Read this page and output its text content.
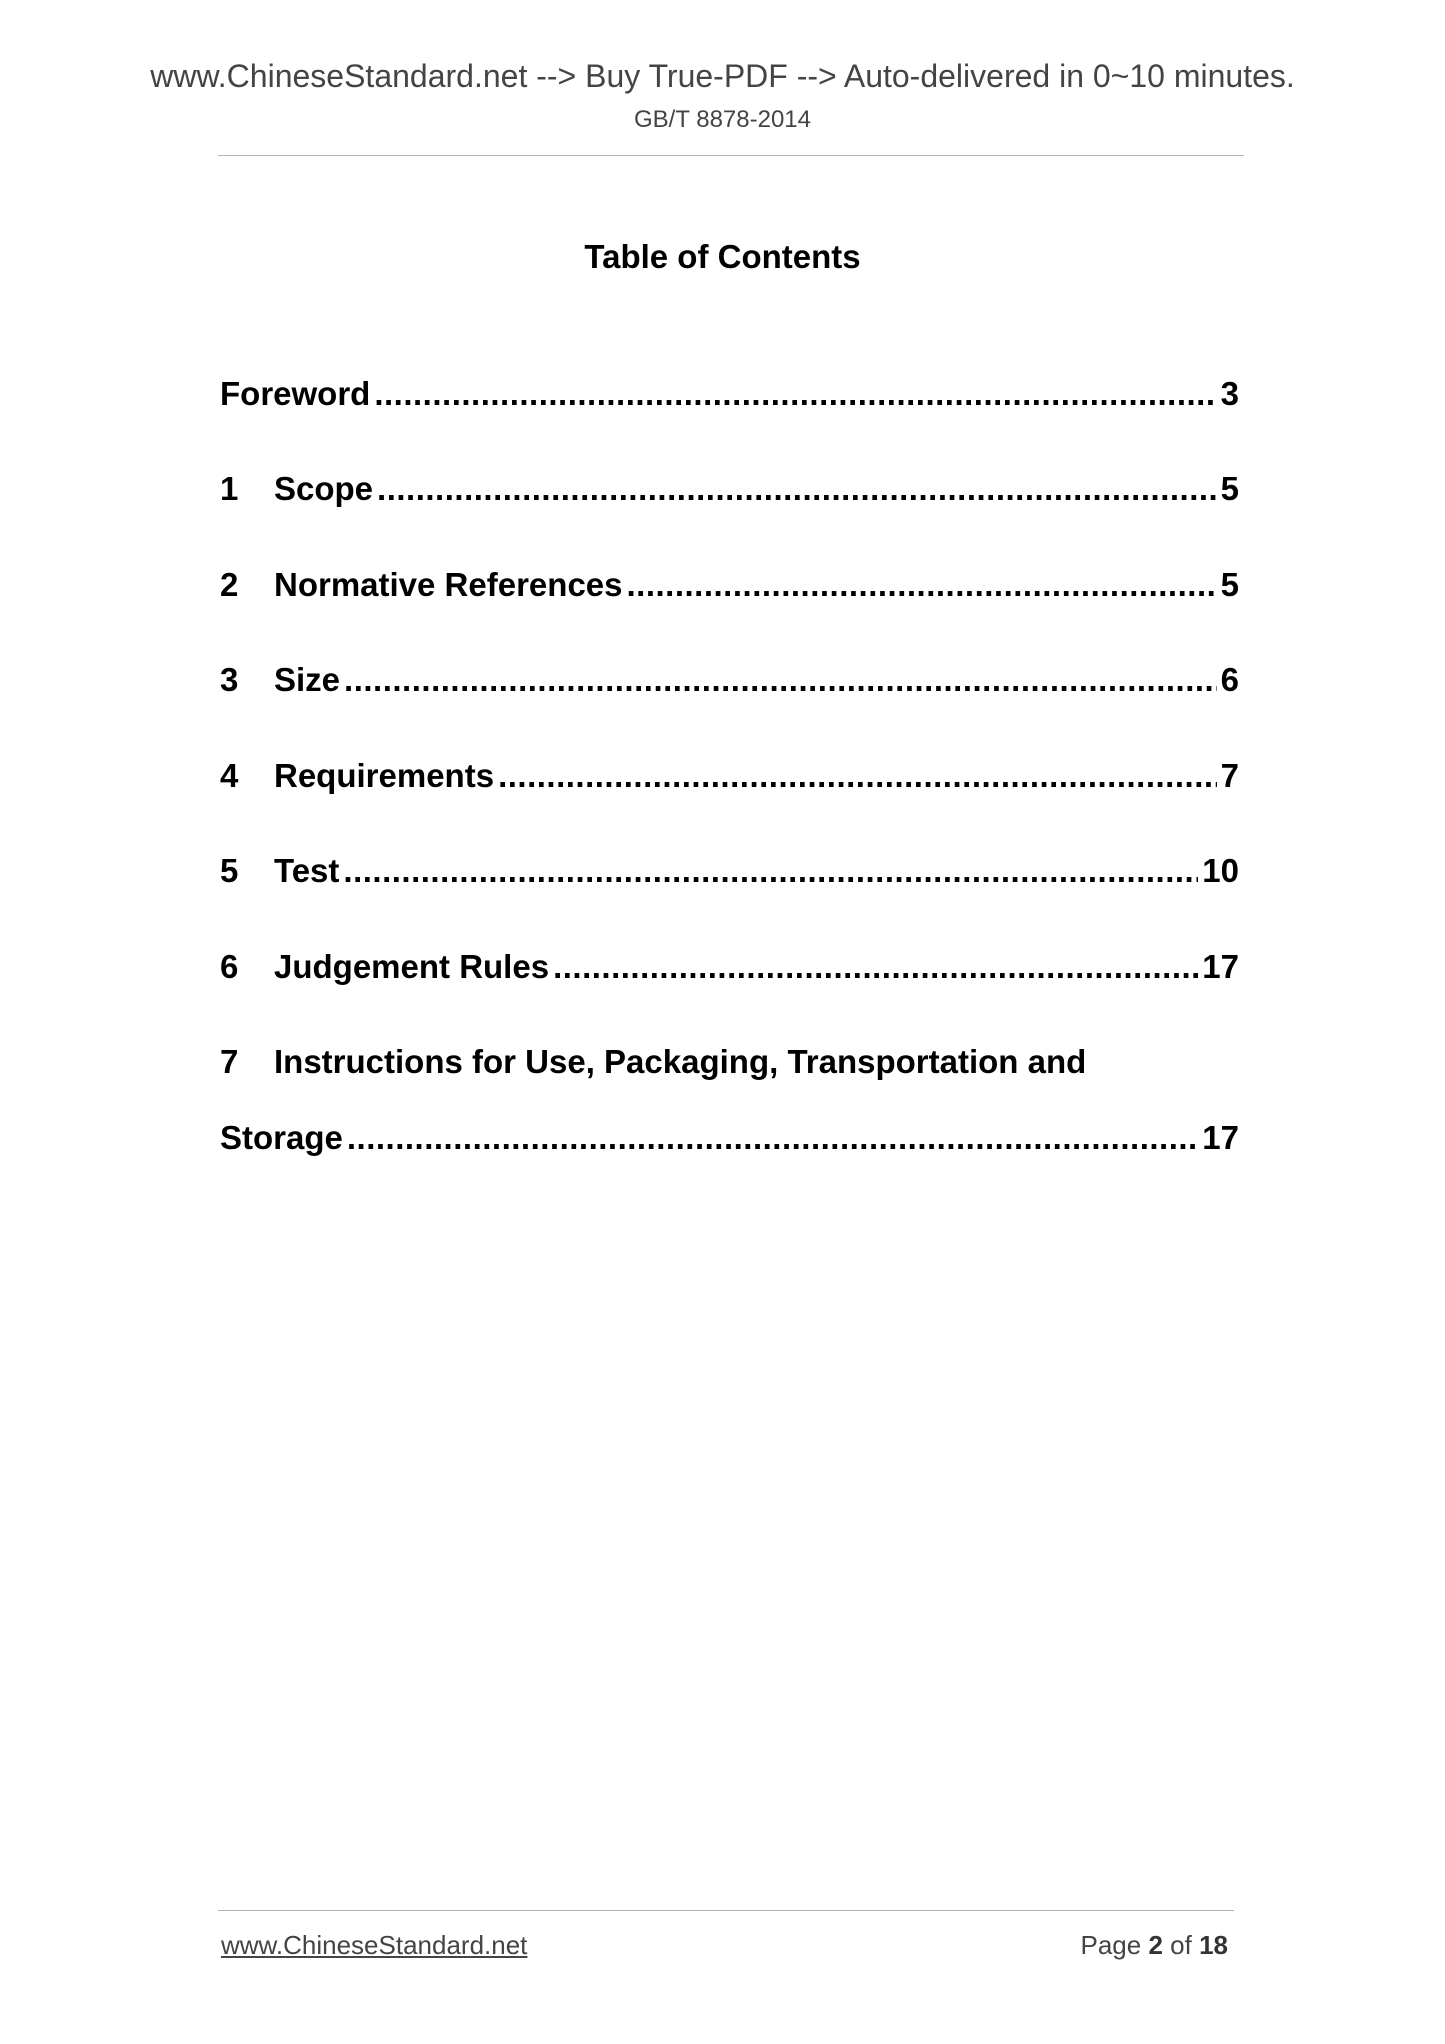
www.ChineseStandard.net --> Buy True-PDF --> Auto-delivered in 0~10 minutes.
GB/T 8878-2014
Table of Contents
Foreword .....	3
1	Scope .....	5
2	Normative References .....	5
3	Size .....	6
4	Requirements .....	7
5	Test .....	10
6	Judgement Rules .....	17
7 Instructions for Use, Packaging, Transportation and
Storage .....	17
www.ChineseStandard.net	Page 2 of 18
